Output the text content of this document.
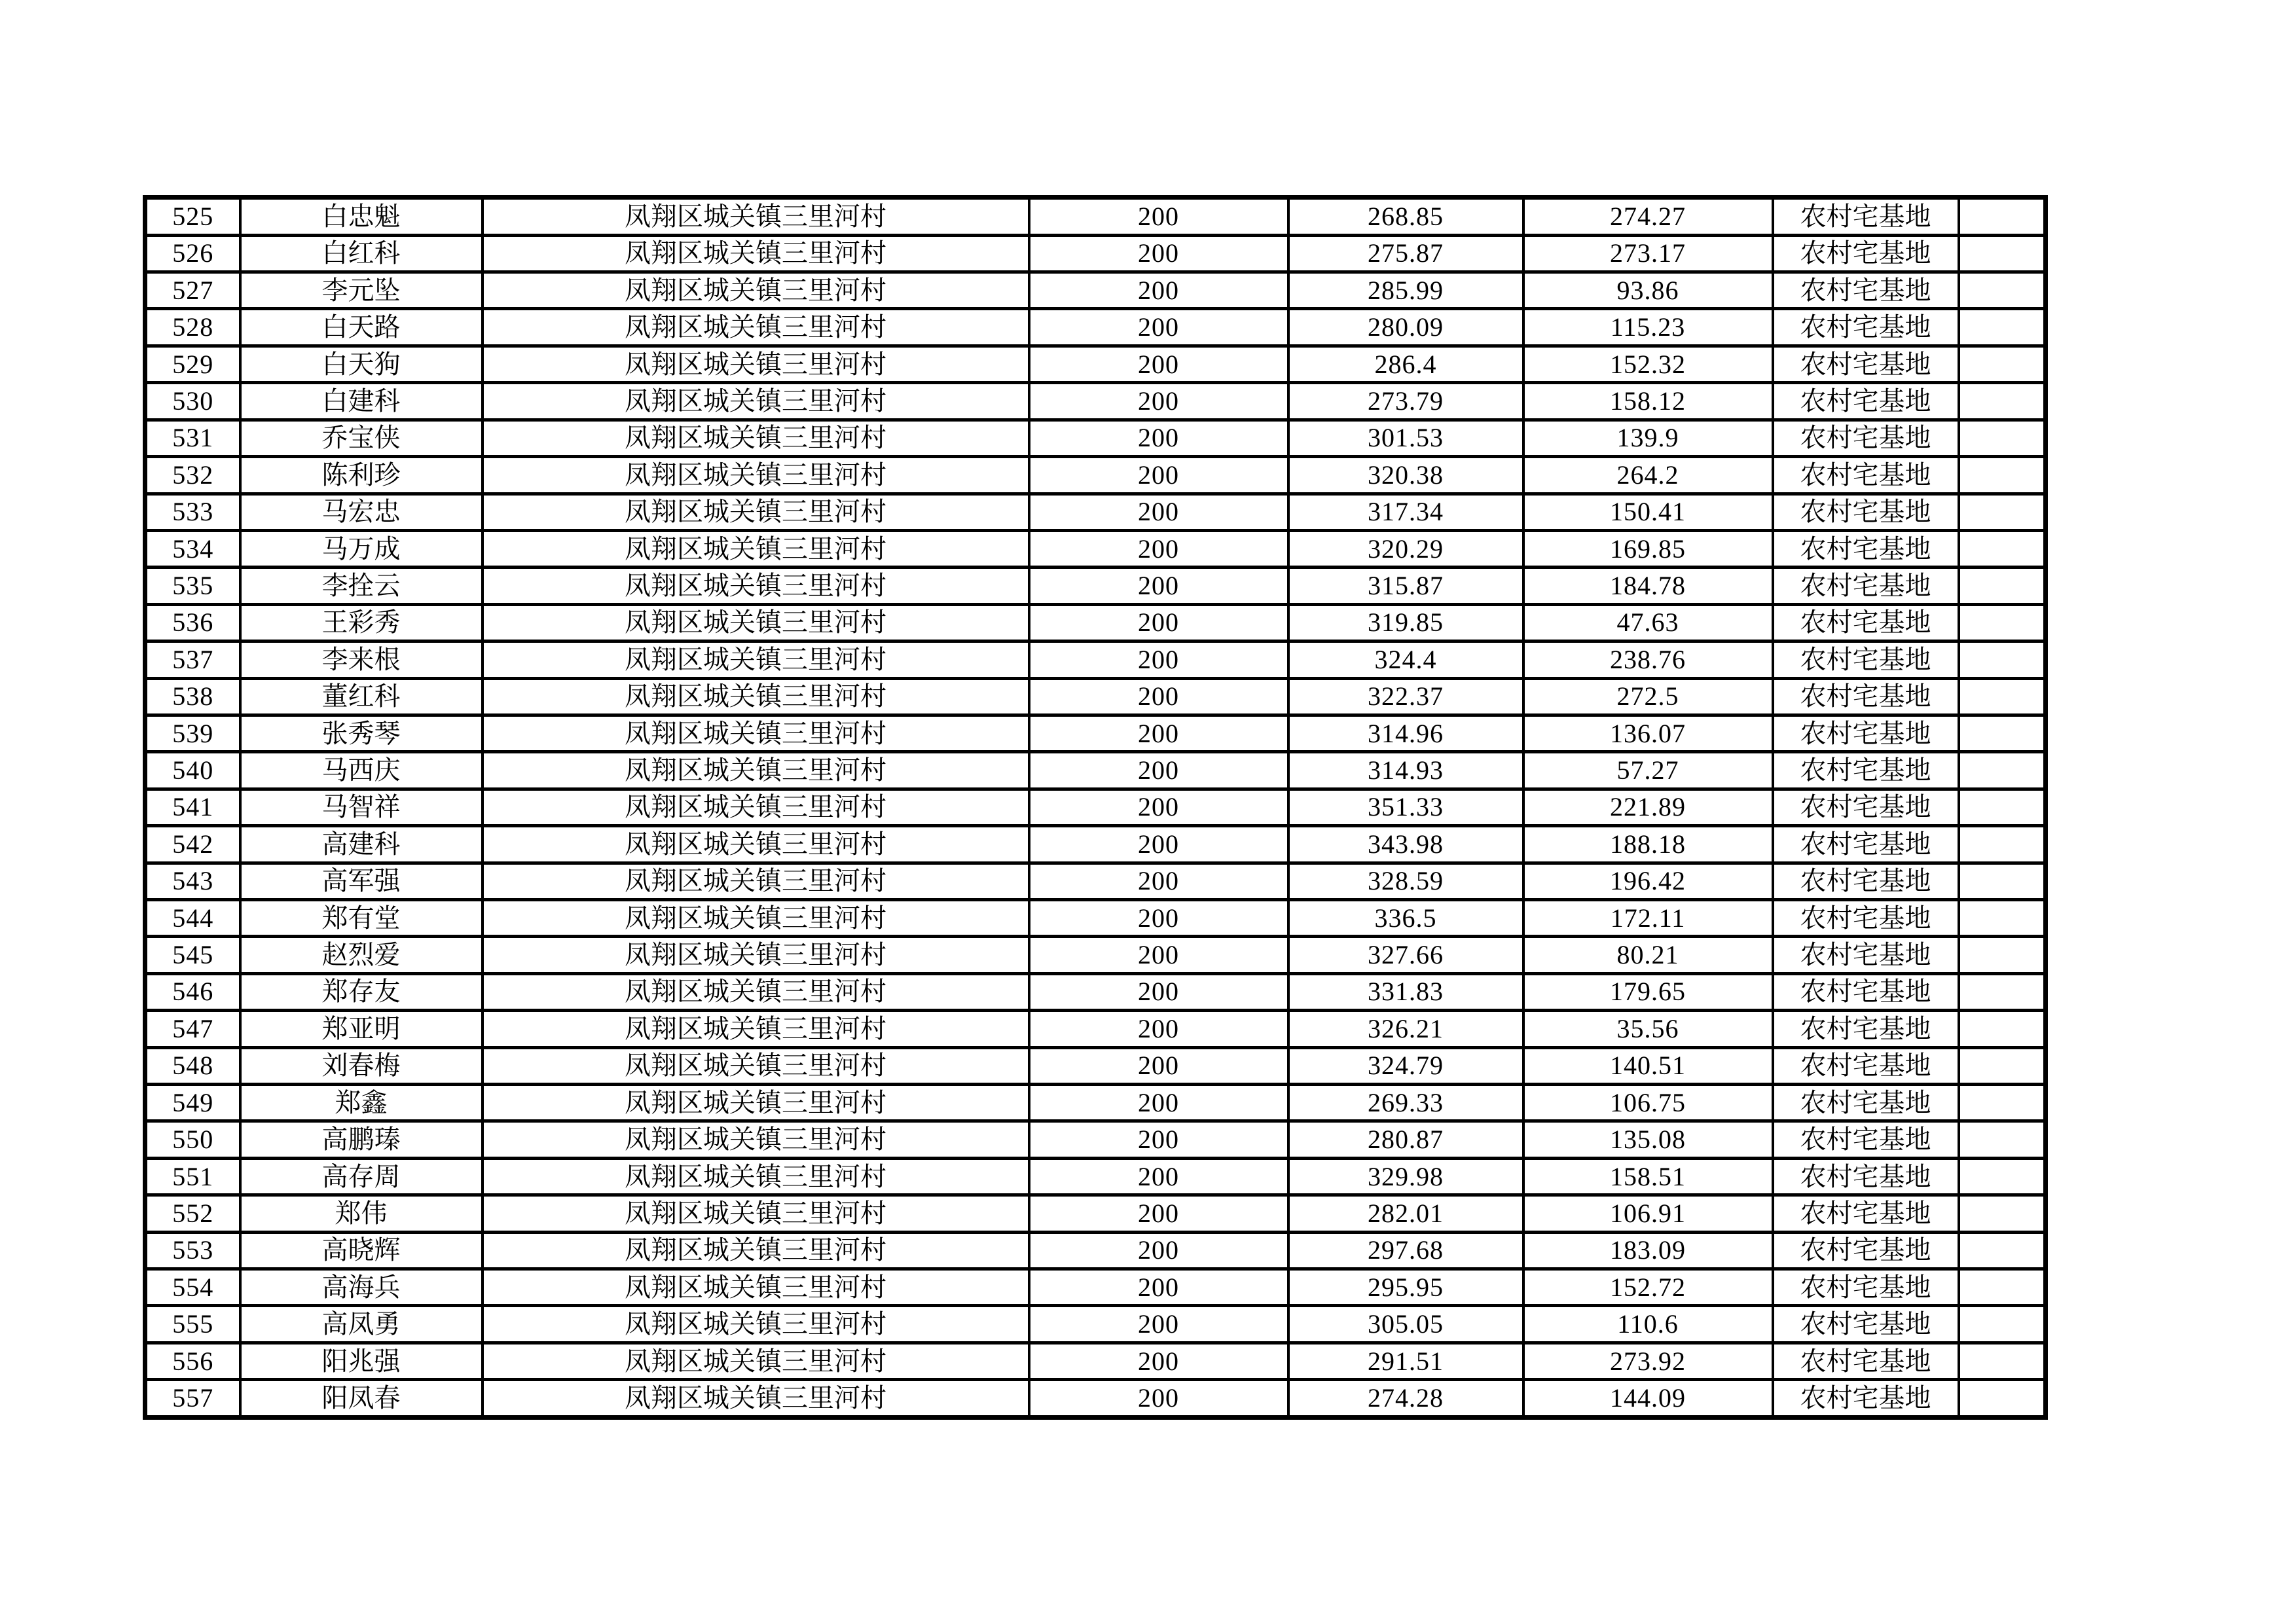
525	白忠魁	凤翔区城关镇三里河村	200	268.85	274.27	农村宅基地	
526	白红科	凤翔区城关镇三里河村	200	275.87	273.17	农村宅基地	
527	李元坠	凤翔区城关镇三里河村	200	285.99	93.86	农村宅基地	
528	白天路	凤翔区城关镇三里河村	200	280.09	115.23	农村宅基地	
529	白天狗	凤翔区城关镇三里河村	200	286.4	152.32	农村宅基地	
530	白建科	凤翔区城关镇三里河村	200	273.79	158.12	农村宅基地	
531	乔宝侠	凤翔区城关镇三里河村	200	301.53	139.9	农村宅基地	
532	陈利珍	凤翔区城关镇三里河村	200	320.38	264.2	农村宅基地	
533	马宏忠	凤翔区城关镇三里河村	200	317.34	150.41	农村宅基地	
534	马万成	凤翔区城关镇三里河村	200	320.29	169.85	农村宅基地	
535	李拴云	凤翔区城关镇三里河村	200	315.87	184.78	农村宅基地	
536	王彩秀	凤翔区城关镇三里河村	200	319.85	47.63	农村宅基地	
537	李来根	凤翔区城关镇三里河村	200	324.4	238.76	农村宅基地	
538	董红科	凤翔区城关镇三里河村	200	322.37	272.5	农村宅基地	
539	张秀琴	凤翔区城关镇三里河村	200	314.96	136.07	农村宅基地	
540	马西庆	凤翔区城关镇三里河村	200	314.93	57.27	农村宅基地	
541	马智祥	凤翔区城关镇三里河村	200	351.33	221.89	农村宅基地	
542	高建科	凤翔区城关镇三里河村	200	343.98	188.18	农村宅基地	
543	高军强	凤翔区城关镇三里河村	200	328.59	196.42	农村宅基地	
544	郑有堂	凤翔区城关镇三里河村	200	336.5	172.11	农村宅基地	
545	赵烈爱	凤翔区城关镇三里河村	200	327.66	80.21	农村宅基地	
546	郑存友	凤翔区城关镇三里河村	200	331.83	179.65	农村宅基地	
547	郑亚明	凤翔区城关镇三里河村	200	326.21	35.56	农村宅基地	
548	刘春梅	凤翔区城关镇三里河村	200	324.79	140.51	农村宅基地	
549	郑鑫	凤翔区城关镇三里河村	200	269.33	106.75	农村宅基地	
550	高鹏瑧	凤翔区城关镇三里河村	200	280.87	135.08	农村宅基地	
551	高存周	凤翔区城关镇三里河村	200	329.98	158.51	农村宅基地	
552	郑伟	凤翔区城关镇三里河村	200	282.01	106.91	农村宅基地	
553	高晓辉	凤翔区城关镇三里河村	200	297.68	183.09	农村宅基地	
554	高海兵	凤翔区城关镇三里河村	200	295.95	152.72	农村宅基地	
555	高凤勇	凤翔区城关镇三里河村	200	305.05	110.6	农村宅基地	
556	阳兆强	凤翔区城关镇三里河村	200	291.51	273.92	农村宅基地	
557	阳凤春	凤翔区城关镇三里河村	200	274.28	144.09	农村宅基地	
